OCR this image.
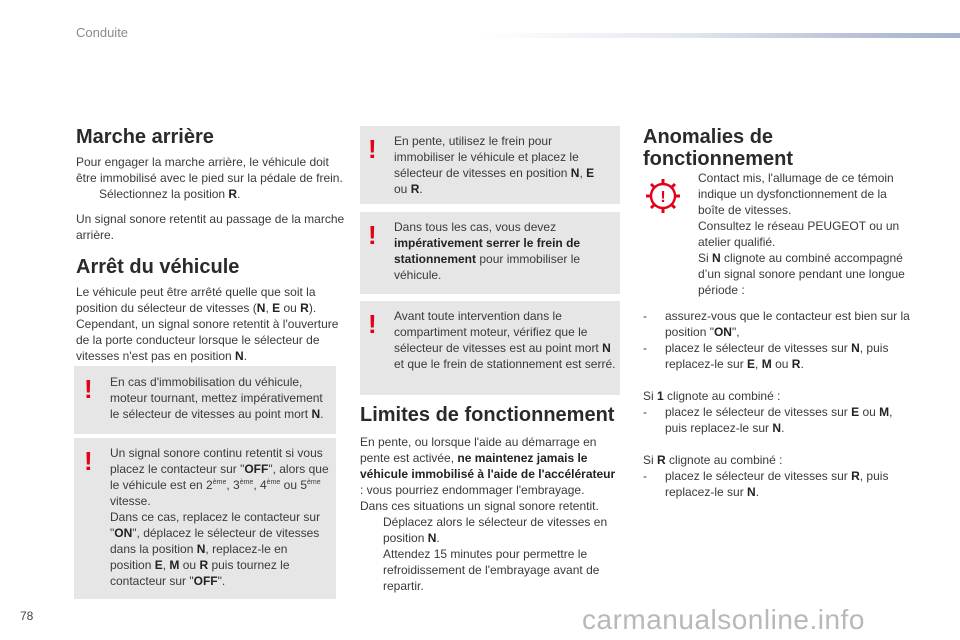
Conduite
Marche arrière

Pour engager la marche arrière, le véhicule doit être immobilisé avec le pied sur la pédale de frein.
Sélectionnez la position R.

Un signal sonore retentit au passage de la marche arrière.

Arrêt du véhicule

Le véhicule peut être arrêté quelle que soit la position du sélecteur de vitesses (N, E ou R). Cependant, un signal sonore retentit à l'ouverture de la porte conducteur lorsque le sélecteur de vitesses n'est pas en position N.

! En cas d'immobilisation du véhicule, moteur tournant, mettez impérativement le sélecteur de vitesses au point mort N.
! Un signal sonore continu retentit si vous placez le contacteur sur "OFF", alors que le véhicule est en 2ème, 3ème, 4ème ou 5ème vitesse.
Dans ce cas, replacez le contacteur sur "ON", déplacez le sélecteur de vitesses dans la position N, replacez-le en position E, M ou R puis tournez le contacteur sur "OFF".
! En pente, utilisez le frein pour immobiliser le véhicule et placez le sélecteur de vitesses en position N, E ou R.
! Dans tous les cas, vous devez impérativement serrer le frein de stationnement pour immobiliser le véhicule.
! Avant toute intervention dans le compartiment moteur, vérifiez que le sélecteur de vitesses est au point mort N et que le frein de stationnement est serré.
Limites de fonctionnement

En pente, ou lorsque l'aide au démarrage en pente est activée, ne maintenez jamais le véhicule immobilisé à l'aide de l'accélérateur : vous pourriez endommager l'embrayage.
Dans ces situations un signal sonore retentit.

Déplacez alors le sélecteur de vitesses en position N.
Attendez 15 minutes pour permettre le refroidissement de l'embrayage avant de repartir.

Anomalies de
fonctionnement
!

Contact mis, l'allumage de ce témoin indique un dysfonctionnement de la boîte de vitesses.

Consultez le réseau PEUGEOT ou un atelier qualifié.

Si N clignote au combiné accompagné d’un signal sonore pendant une longue période :

- assurez-vous que le contacteur est bien sur la position "ON",
- placez le sélecteur de vitesses sur N, puis replacez-le sur E, M ou R.

Si 1 clignote au combiné :

- placez le sélecteur de vitesses sur E ou M, puis replacez-le sur N.

Si R clignote au combiné :

- placez le sélecteur de vitesses sur R, puis replacez-le sur N.

78	carmanualsonline.info
